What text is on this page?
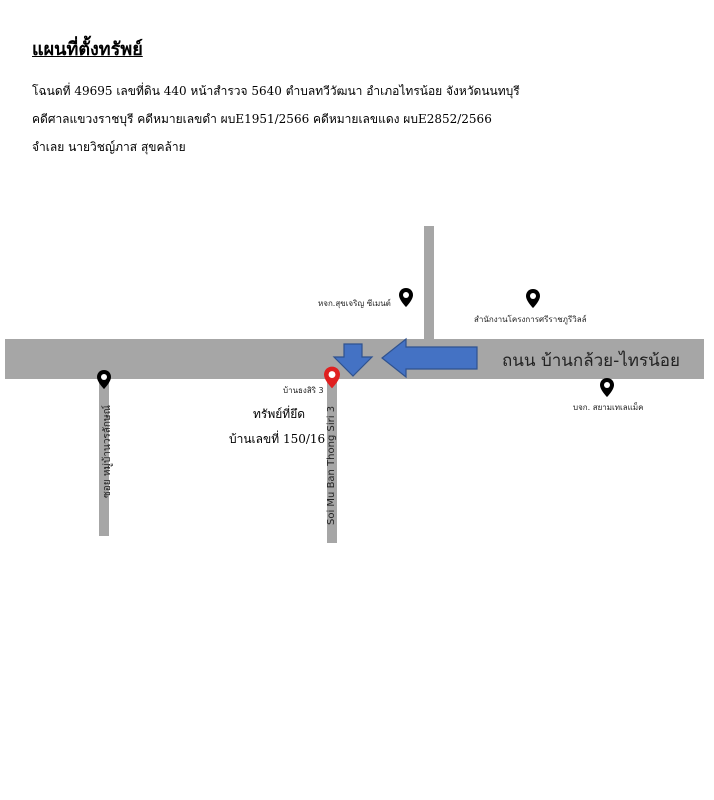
แผนที่ตั้งทรัพย์
โฉนดที่ 49695 เลขที่ดิน 440 หน้าสำรวจ 5640 ตำบลทวีวัฒนา อำเภอไทรน้อย จังหวัดนนทบุรี
คดีศาลแขวงราชบุรี คดีหมายเลขดำ ผบE1951/2566 คดีหมายเลขแดง ผบE2852/2566
จำเลย นายวิชญ์ภาส สุขคล้าย
ถนน บ้านกล้วย-ไทรน้อย
หจก.สุขเจริญ ซีเมนต์
สำนักงานโครงการศรีราชภูรีวิลล์
บจก. สยามเทเลแม็ค
บ้านธงสิริ 3
ทรัพย์ที่ยึด
บ้านเลขที่ 150/16
ซอย หมู่บ้านวรลักษณ์	Soi Mu Ban Thong Siri 3
